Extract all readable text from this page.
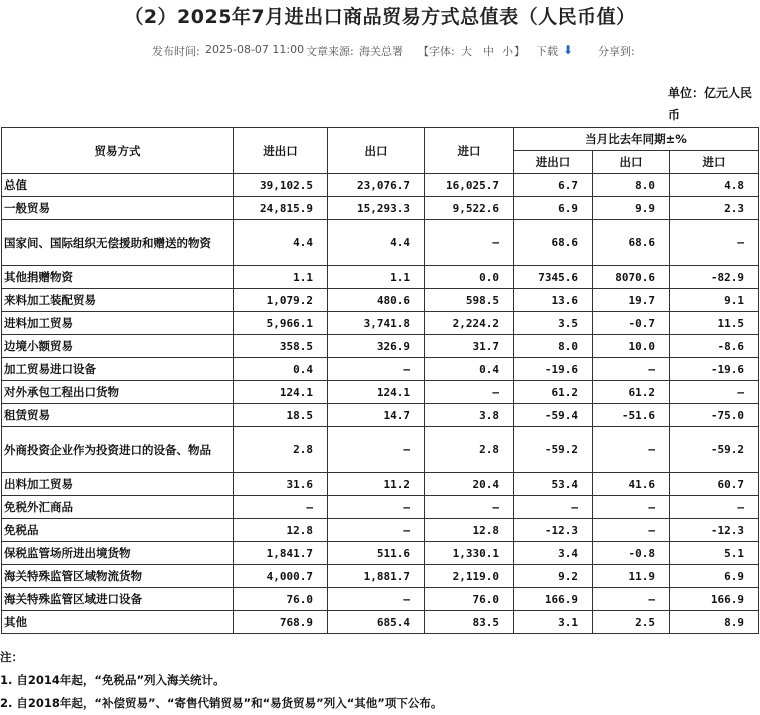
（2）2025年7月进出口商品贸易方式总值表（人民币值）
发布时间: 2025-08-07 11:00 文章来源: 海关总署 【字体: 大 中 小 】 下载 ⬇ 分享到:
单位：亿元人民币
贸易方式	进出口	出口	进口	当月比去年同期±%		
				进出口	出口	进口
总值	39,102.5	23,076.7	16,025.7	6.7	8.0	4.8
一般贸易	24,815.9	15,293.3	9,522.6	6.9	9.9	2.3
国家间、国际组织无偿援助和赠送的物资	4.4	4.4	–	68.6	68.6	–
其他捐赠物资	1.1	1.1	0.0	7345.6	8070.6	-82.9
来料加工装配贸易	1,079.2	480.6	598.5	13.6	19.7	9.1
进料加工贸易	5,966.1	3,741.8	2,224.2	3.5	-0.7	11.5
边境小额贸易	358.5	326.9	31.7	8.0	10.0	-8.6
加工贸易进口设备	0.4	–	0.4	-19.6	–	-19.6
对外承包工程出口货物	124.1	124.1	–	61.2	61.2	–
租赁贸易	18.5	14.7	3.8	-59.4	-51.6	-75.0
外商投资企业作为投资进口的设备、物品	2.8	–	2.8	-59.2	–	-59.2
出料加工贸易	31.6	11.2	20.4	53.4	41.6	60.7
免税外汇商品	–	–	–	–	–	–
免税品	12.8	–	12.8	-12.3	–	-12.3
保税监管场所进出境货物	1,841.7	511.6	1,330.1	3.4	-0.8	5.1
海关特殊监管区域物流货物	4,000.7	1,881.7	2,119.0	9.2	11.9	6.9
海关特殊监管区域进口设备	76.0	–	76.0	166.9	–	166.9
其他	768.9	685.4	83.5	3.1	2.5	8.9
注：
1. 自2014年起，“免税品”列入海关统计。
2. 自2018年起，“补偿贸易”、“寄售代销贸易”和“易货贸易”列入“其他”项下公布。
